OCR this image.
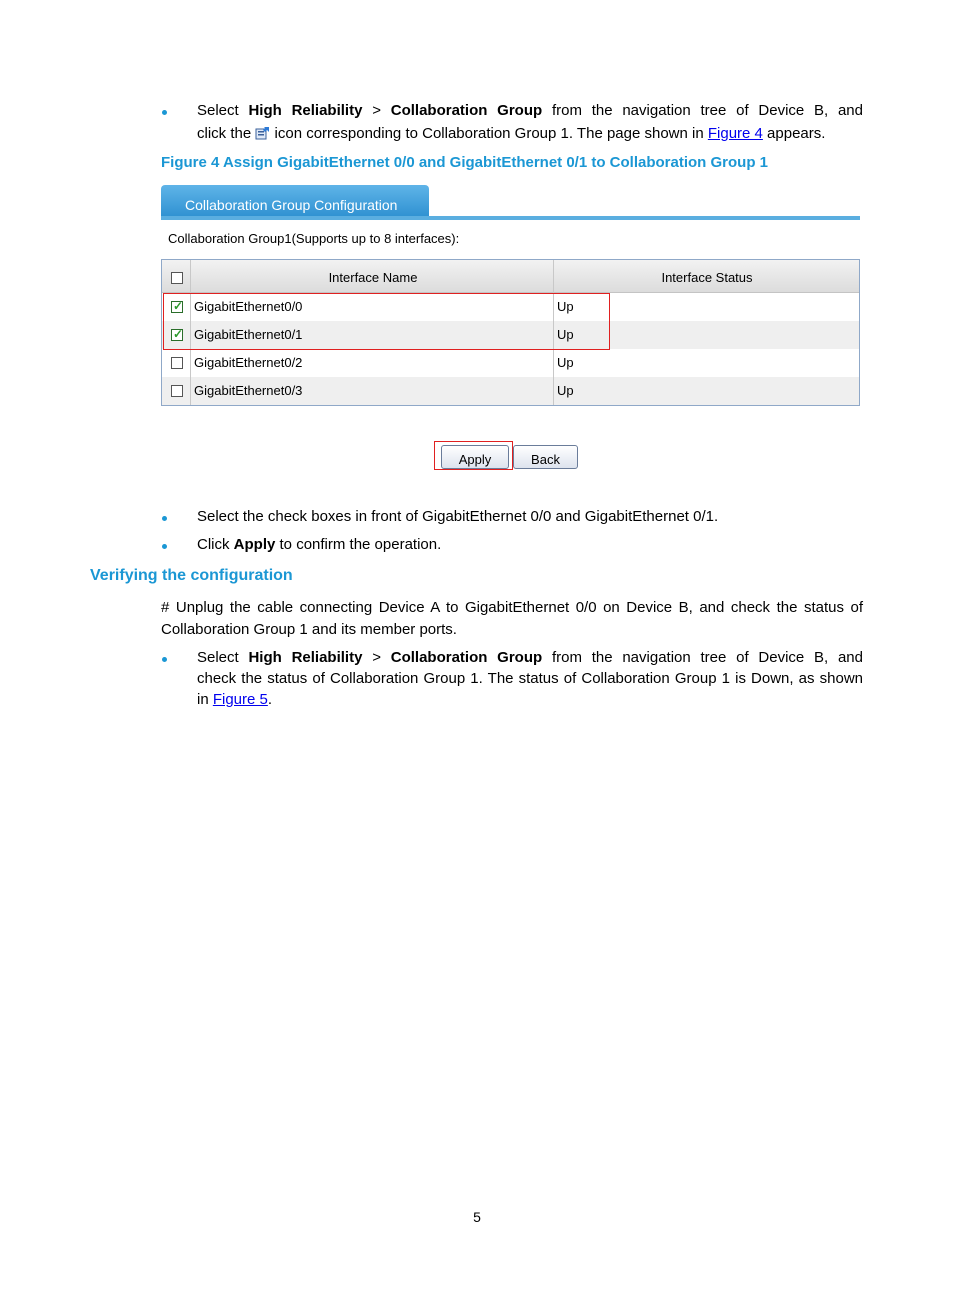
Select High Reliability > Collaboration Group from the navigation tree of Device B, and
click the  icon corresponding to Collaboration Group 1. The page shown in Figure 4 appears.
Figure 4 Assign GigabitEthernet 0/0 and GigabitEthernet 0/1 to Collaboration Group 1
Collaboration Group Configuration
Collaboration Group1(Supports up to 8 interfaces):
Interface Name	Interface Status
✓ GigabitEthernet0/0	Up
✓ GigabitEthernet0/1	Up
GigabitEthernet0/2	Up
GigabitEthernet0/3	Up
Apply	Back
Select the check boxes in front of GigabitEthernet 0/0 and GigabitEthernet 0/1.
Click Apply to confirm the operation.
Verifying the configuration
# Unplug the cable connecting Device A to GigabitEthernet 0/0 on Device B, and check the status of
Collaboration Group 1 and its member ports.
Select High Reliability > Collaboration Group from the navigation tree of Device B, and
check the status of Collaboration Group 1. The status of Collaboration Group 1 is Down, as shown
in Figure 5.
5
